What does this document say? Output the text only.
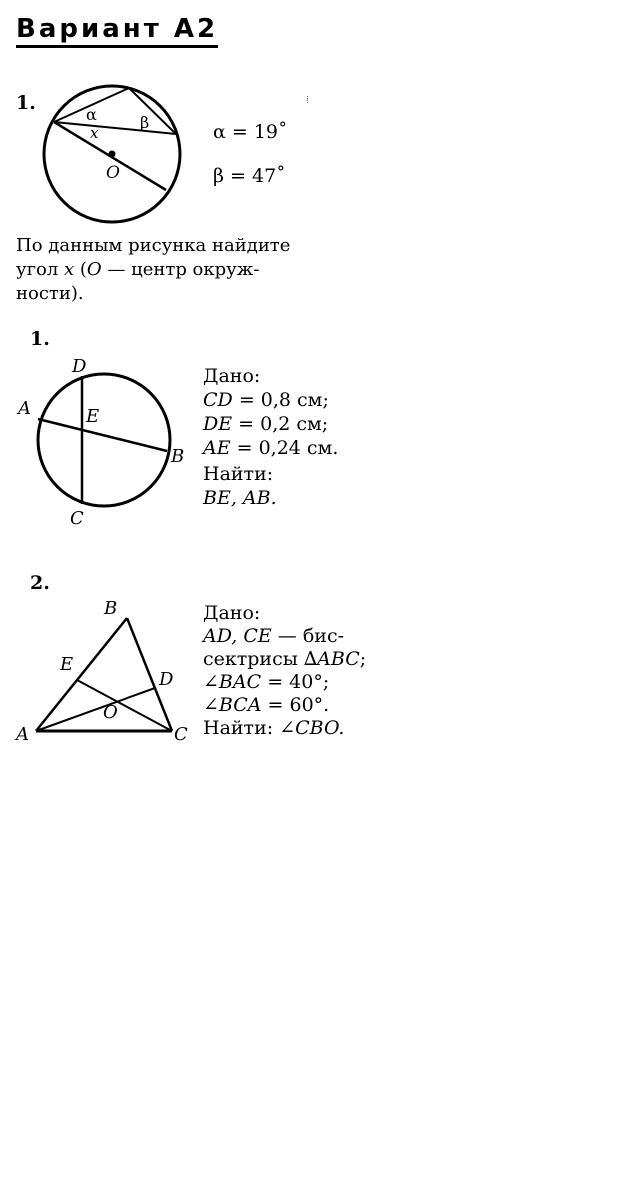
Вариант А2
1.
α	β
x
O
α = 19˚
β = 47˚
⁞
По данным рисунка найдите
угол x (O — центр окруж-
ности).
1.
D
A	E
B
C
Дано:
CD = 0,8 см;
DE = 0,2 см;
AE = 0,24 см.
Найти:
BE, AB.
2.
B
E
D
O
A	C
Дано:
AD, CE — бис-
сектрисы ∆ABC;
∠BAC = 40°;
∠BCA = 60°.
Найти: ∠CBO.
